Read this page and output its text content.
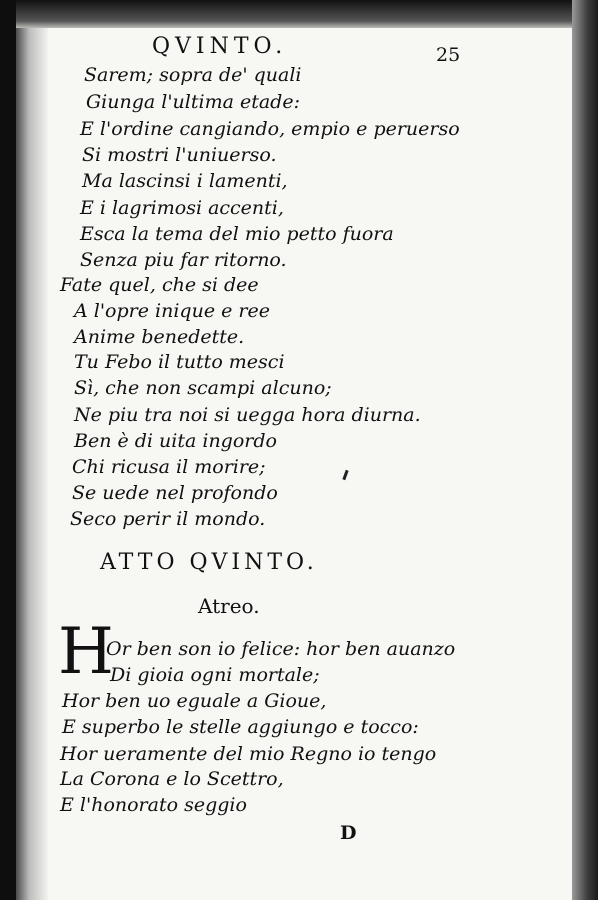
QVINTO.	25
Sarem; sopra de' quali
Giunga l'ultima etade:
E l'ordine cangiando, empio e peruerso
Si mostri l'uniuerso.
Ma lascinsi i lamenti,
E i lagrimosi accenti,
Esca la tema del mio petto fuora
Senza piu far ritorno.
Fate quel, che si dee
A l'opre inique e ree
Anime benedette.
Tu Febo il tutto mesci
Sì, che non scampi alcuno;
Ne piu tra noi si uegga hora diurna.
Ben è di uita ingordo
Chi ricusa il morire;
Se uede nel profondo
Seco perir il mondo.
ATTO QVINTO.
Atreo.
H
Or ben son io felice: hor ben auanzo
Di gioia ogni mortale;
Hor ben uo eguale a Gioue,
E superbo le stelle aggiungo e tocco:
Hor ueramente del mio Regno io tengo
La Corona e lo Scettro,
E l'honorato seggio
D
